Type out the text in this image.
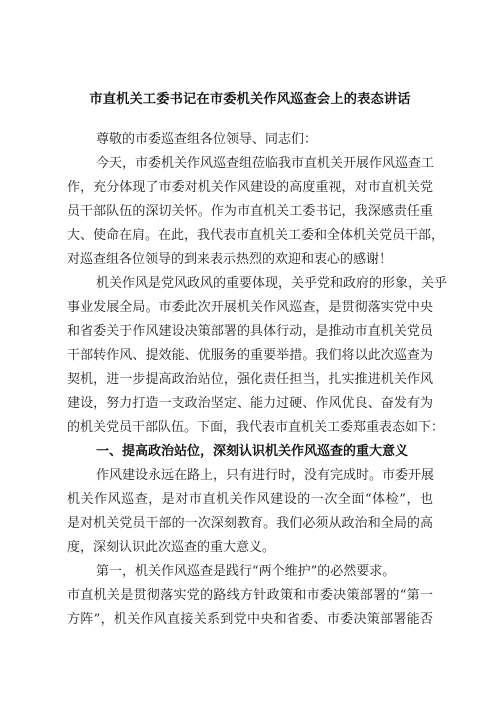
市直机关工委书记在市委机关作风巡查会上的表态讲话
尊敬的市委巡查组各位领导、同志们：
今天，市委机关作风巡查组莅临我市直机关开展作风巡查工
作，充分体现了市委对机关作风建设的高度重视，对市直机关党
员干部队伍的深切关怀。作为市直机关工委书记，我深感责任重
大、使命在肩。在此，我代表市直机关工委和全体机关党员干部，
对巡查组各位领导的到来表示热烈的欢迎和衷心的感谢！
机关作风是党风政风的重要体现，关乎党和政府的形象，关乎
事业发展全局。市委此次开展机关作风巡查，是贯彻落实党中央
和省委关于作风建设决策部署的具体行动，是推动市直机关党员
干部转作风、提效能、优服务的重要举措。我们将以此次巡查为
契机，进一步提高政治站位，强化责任担当，扎实推进机关作风
建设，努力打造一支政治坚定、能力过硬、作风优良、奋发有为
的机关党员干部队伍。下面，我代表市直机关工委郑重表态如下：
一、提高政治站位，深刻认识机关作风巡查的重大意义
作风建设永远在路上，只有进行时，没有完成时。市委开展
机关作风巡查，是对市直机关作风建设的一次全面“体检”，也
是对机关党员干部的一次深刻教育。我们必须从政治和全局的高
度，深刻认识此次巡查的重大意义。
第一，机关作风巡查是践行“两个维护”的必然要求。
市直机关是贯彻落实党的路线方针政策和市委决策部署的“第一
方阵”，机关作风直接关系到党中央和省委、市委决策部署能否
